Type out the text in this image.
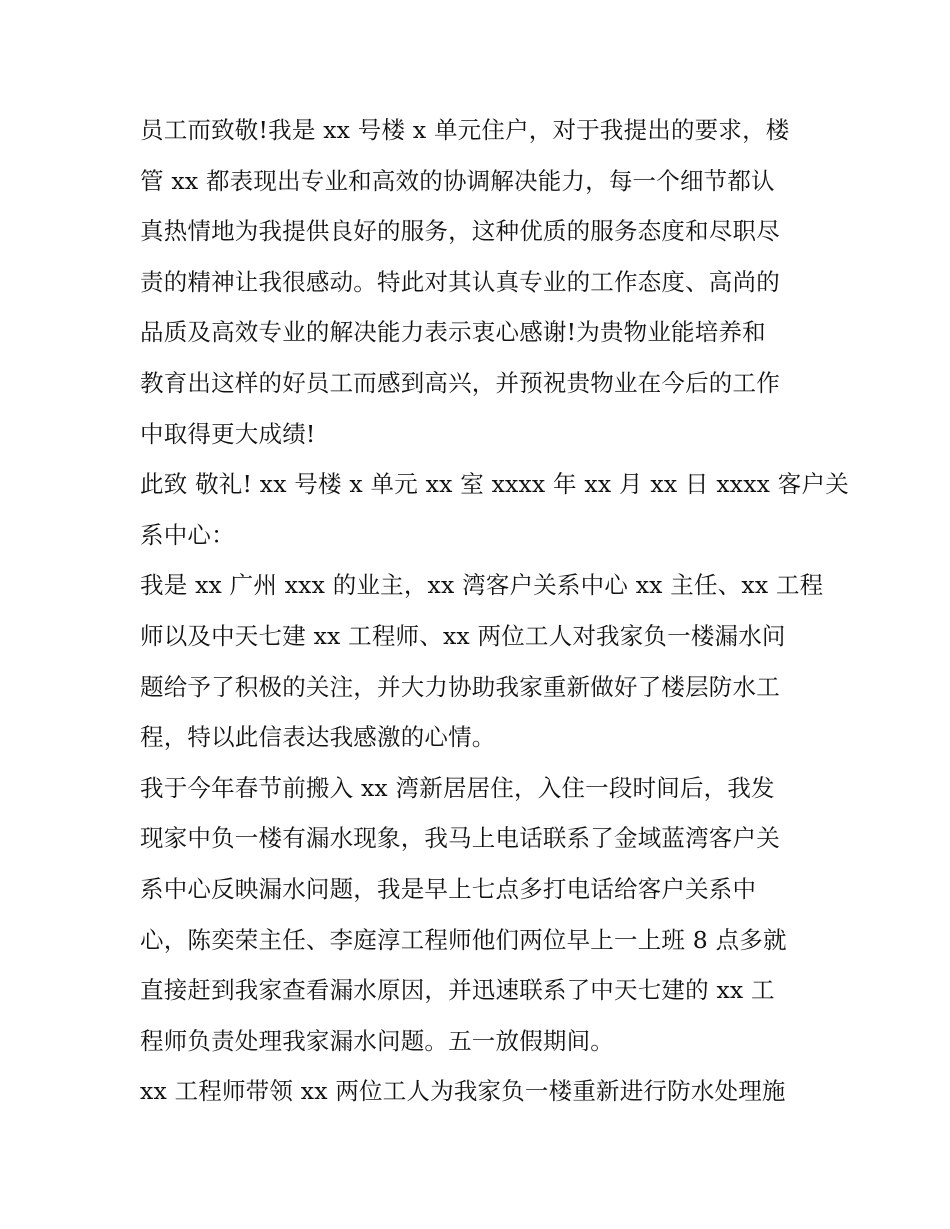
员工而致敬!我是 xx 号楼 x 单元住户，对于我提出的要求，楼
管 xx 都表现出专业和高效的协调解决能力，每一个细节都认
真热情地为我提供良好的服务，这种优质的服务态度和尽职尽
责的精神让我很感动。特此对其认真专业的工作态度、高尚的
品质及高效专业的解决能力表示衷心感谢!为贵物业能培养和
教育出这样的好员工而感到高兴，并预祝贵物业在今后的工作
中取得更大成绩!
此致 敬礼! xx 号楼 x 单元 xx 室 xxxx 年 xx 月 xx 日 xxxx 客户关
系中心：
我是 xx 广州 xxx 的业主，xx 湾客户关系中心 xx 主任、xx 工程
师以及中天七建 xx 工程师、xx 两位工人对我家负一楼漏水问
题给予了积极的关注，并大力协助我家重新做好了楼层防水工
程，特以此信表达我感激的心情。
我于今年春节前搬入 xx 湾新居居住，入住一段时间后，我发
现家中负一楼有漏水现象，我马上电话联系了金域蓝湾客户关
系中心反映漏水问题，我是早上七点多打电话给客户关系中
心，陈奕荣主任、李庭淳工程师他们两位早上一上班 8 点多就
直接赶到我家查看漏水原因，并迅速联系了中天七建的 xx 工
程师负责处理我家漏水问题。五一放假期间。
xx 工程师带领 xx 两位工人为我家负一楼重新进行防水处理施
